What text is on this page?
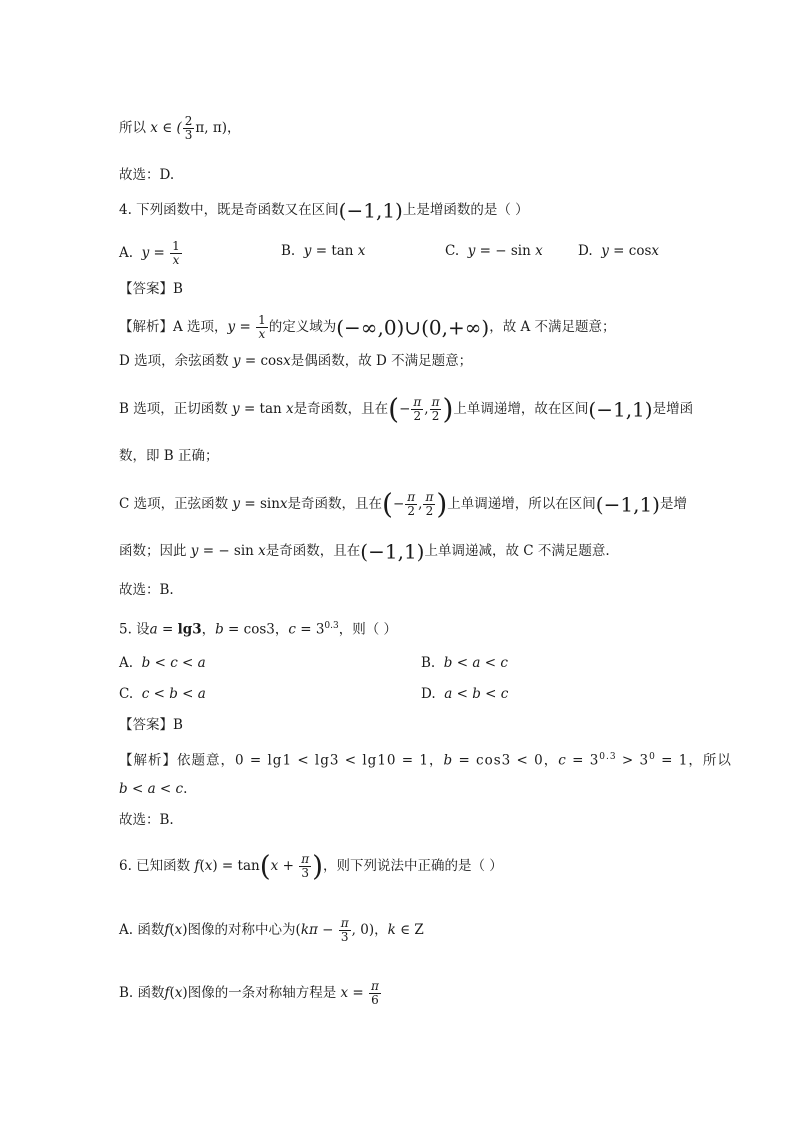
所以 x ∈ ( $\frac{2}{3} \pi$, π)，
故选：D.
4. 下列函数中，既是奇函数又在区间(−1,1)上是增函数的是（ ）
A.  $y = \frac{1}{x}$	B.  y = tan x	C.  y = − sin x	D.  y = cosx
【答案】B
【解析】A 选项，$y = \frac{1}{x}$ 的定义域为(−∞,0)∪(0,+∞)，故 A 不满足题意；
D 选项，余弦函数 y = cosx是偶函数，故 D 不满足题意；
B 选项，正切函数 y = tan x是奇函数，且在(− $\frac{\pi}{2}$ , $\frac{\pi}{2}$ )上单调递增，故在区间(−1,1)是增函
数，即 B 正确；
C 选项，正弦函数 y = sinx是奇函数，且在(− $\frac{\pi}{2}$ , $\frac{\pi}{2}$ )上单调递增，所以在区间(−1,1)是增
函数；因此 y = − sin x是奇函数，且在(−1,1)上单调递减，故 C 不满足题意.
故选：B.
5. 设a = lg3，b = cos3，$c = 3^{0.3}$，则（ ）
A.  b < c < a	B.  b < a < c
C.  c < b < a	D.  a < b < c
【答案】B
【解析】依题意，0 = lg1 < lg3 < lg10 = 1，b = cos3 < 0，$c = 3^{0.3} > 3^0 = 1$，所以
b < a < c.
故选：B.
6. 已知函数 $f(x) = \tan(x + \frac{\pi}{3}$ )，则下列说法中正确的是（ ）
A. 函数f(x)图像的对称中心为($k\pi - \frac{\pi}{3}$ , 0)，k ∈ Z
B. 函数f(x)图像的一条对称轴方程是 $x = \frac{\pi}{6}$
